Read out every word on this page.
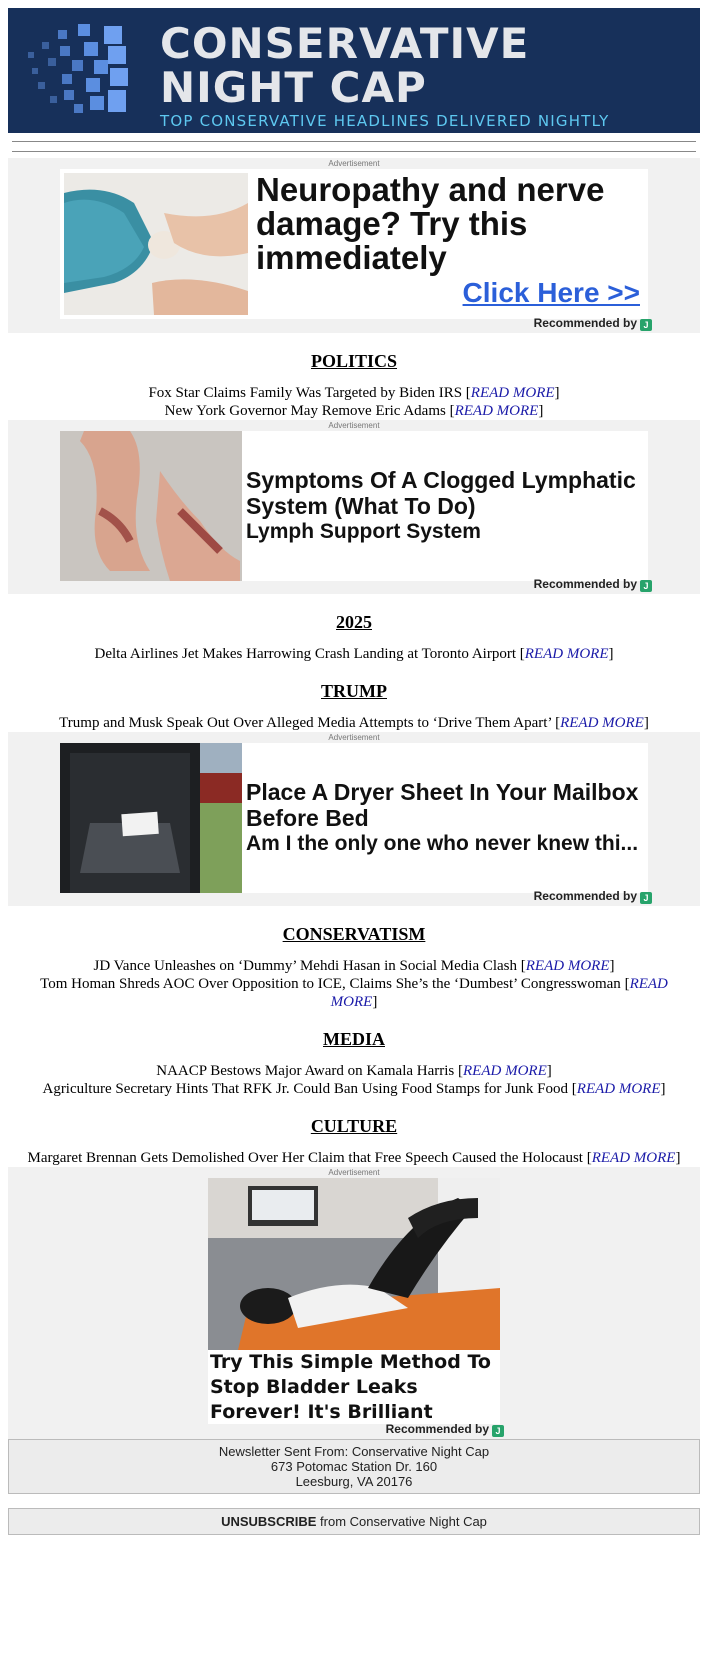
CONSERVATIVE
NIGHT CAP
TOP CONSERVATIVE HEADLINES DELIVERED NIGHTLY
Advertisement
Neuropathy and nerve damage? Try this immediately
Click Here >>
Recommended by J
POLITICS
Fox Star Claims Family Was Targeted by Biden IRS [READ MORE]
New York Governor May Remove Eric Adams [READ MORE]
Advertisement
Symptoms Of A Clogged Lymphatic System (What To Do)
Lymph Support System
Recommended by J
2025
Delta Airlines Jet Makes Harrowing Crash Landing at Toronto Airport [READ MORE]
TRUMP
Trump and Musk Speak Out Over Alleged Media Attempts to ‘Drive Them Apart’ [READ MORE]
Advertisement
Place A Dryer Sheet In Your Mailbox Before Bed
Am I the only one who never knew thi...
Recommended by J
CONSERVATISM
JD Vance Unleashes on ‘Dummy’ Mehdi Hasan in Social Media Clash [READ MORE]
Tom Homan Shreds AOC Over Opposition to ICE, Claims She’s the ‘Dumbest’ Congresswoman [READ MORE]
MEDIA
NAACP Bestows Major Award on Kamala Harris [READ MORE]
Agriculture Secretary Hints That RFK Jr. Could Ban Using Food Stamps for Junk Food [READ MORE]
CULTURE
Margaret Brennan Gets Demolished Over Her Claim that Free Speech Caused the Holocaust [READ MORE]
Advertisement
Try This Simple Method To Stop Bladder Leaks Forever! It's Brilliant
Recommended by J
Newsletter Sent From: Conservative Night Cap
673 Potomac Station Dr. 160
Leesburg, VA 20176
UNSUBSCRIBE from Conservative Night Cap
